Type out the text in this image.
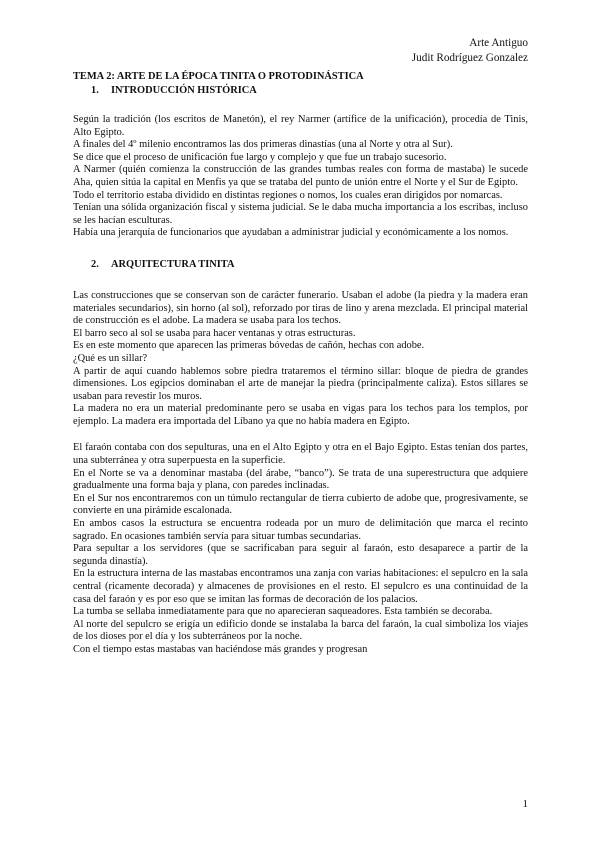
Arte Antiguo
Judit Rodríguez Gonzalez

TEMA 2: ARTE DE LA ÉPOCA TINITA O PROTODINÁSTICA

1. INTRODUCCIÓN HISTÓRICA

Según la tradición (los escritos de Manetón), el rey Narmer (artífice de la unificación), procedía de Tinis, Alto Egipto.

A finales del 4º milenio encontramos las dos primeras dinastías (una al Norte y otra al Sur).

Se dice que el proceso de unificación fue largo y complejo y que fue un trabajo sucesorio.

A Narmer (quién comienza la construcción de las grandes tumbas reales con forma de mastaba) le sucede Aha, quien sitúa la capital en Menfis ya que se trataba del punto de unión entre el Norte y el Sur de Egipto.

Todo el territorio estaba dividido en distintas regiones o nomos, los cuales eran dirigidos por nomarcas.

Tenían una sólida organización fiscal y sistema judicial. Se le daba mucha importancia a los escribas, incluso se les hacían esculturas.

Había una jerarquía de funcionarios que ayudaban a administrar judicial y económicamente a los nomos.

2. ARQUITECTURA TINITA

Las construcciones que se conservan son de carácter funerario. Usaban el adobe (la piedra y la madera eran materiales secundarios), sin horno (al sol), reforzado por tiras de lino y arena mezclada. El principal material de construcción es el adobe. La madera se usaba para los techos.

El barro seco al sol se usaba para hacer ventanas y otras estructuras.

Es en este momento que aparecen las primeras bóvedas de cañón, hechas con adobe.

¿Qué es un sillar?

A partir de aquí cuando hablemos sobre piedra trataremos el término sillar: bloque de piedra de grandes dimensiones. Los egipcios dominaban el arte de manejar la piedra (principalmente caliza). Estos sillares se usaban para revestir los muros.

La madera no era un material predominante pero se usaba en vigas para los techos para los templos, por ejemplo. La madera era importada del Líbano ya que no había madera en Egipto.

El faraón contaba con dos sepulturas, una en el Alto Egipto y otra en el Bajo Egipto. Estas tenían dos partes, una subterránea y otra superpuesta en la superficie.

En el Norte se va a denominar mastaba (del árabe, “banco”). Se trata de una superestructura que adquiere gradualmente una forma baja y plana, con paredes inclinadas.

En el Sur nos encontraremos con un túmulo rectangular de tierra cubierto de adobe que, progresivamente, se convierte en una pirámide escalonada.

En ambos casos la estructura se encuentra rodeada por un muro de delimitación que marca el recinto sagrado. En ocasiones también servía para situar tumbas secundarias.

Para sepultar a los servidores (que se sacrificaban para seguir al faraón, esto desaparece a partir de la segunda dinastía).

En la estructura interna de las mastabas encontramos una zanja con varias habitaciones: el sepulcro en la sala central (ricamente decorada) y almacenes de provisiones en el resto. El sepulcro es una continuidad de la casa del faraón y es por eso que se imitan las formas de decoración de los palacios.

La tumba se sellaba inmediatamente para que no aparecieran saqueadores. Esta también se decoraba.

Al norte del sepulcro se erigía un edificio donde se instalaba la barca del faraón, la cual simboliza los viajes de los dioses por el día y los subterráneos por la noche.

Con el tiempo estas mastabas van haciéndose más grandes y progresan

1
